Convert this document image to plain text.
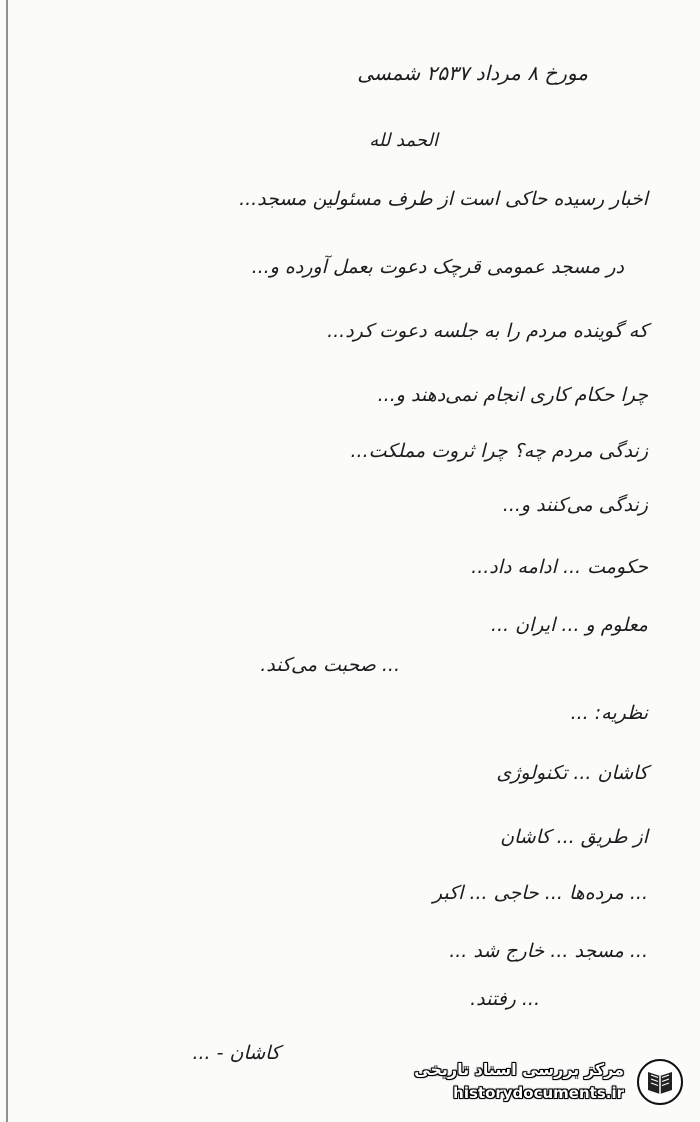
مورخ ۸ مرداد ۲۵۳۷ شمسی
الحمد لله
اخبار رسیده حاکی است از طرف مسئولین مسجد...
در مسجد عمومی قرچک دعوت بعمل آورده و...
که گوینده مردم را به جلسه دعوت کرد...
چرا حکام کاری انجام نمی‌دهند و...
زندگی مردم چه؟ چرا ثروت مملکت...
زندگی می‌کنند و...
حکومت ... ادامه داد...
معلوم و ... ایران ...
... صحبت می‌کند.
نظریه: ...
کاشان ... تکنولوژی
از طریق ... کاشان
... مرده‌ها ... حاجی ... اکبر
... مسجد ... خارج شد ...
... رفتند.
کاشان - ...
مرکز بررسی اسناد تاریخی
historydocuments.ir
